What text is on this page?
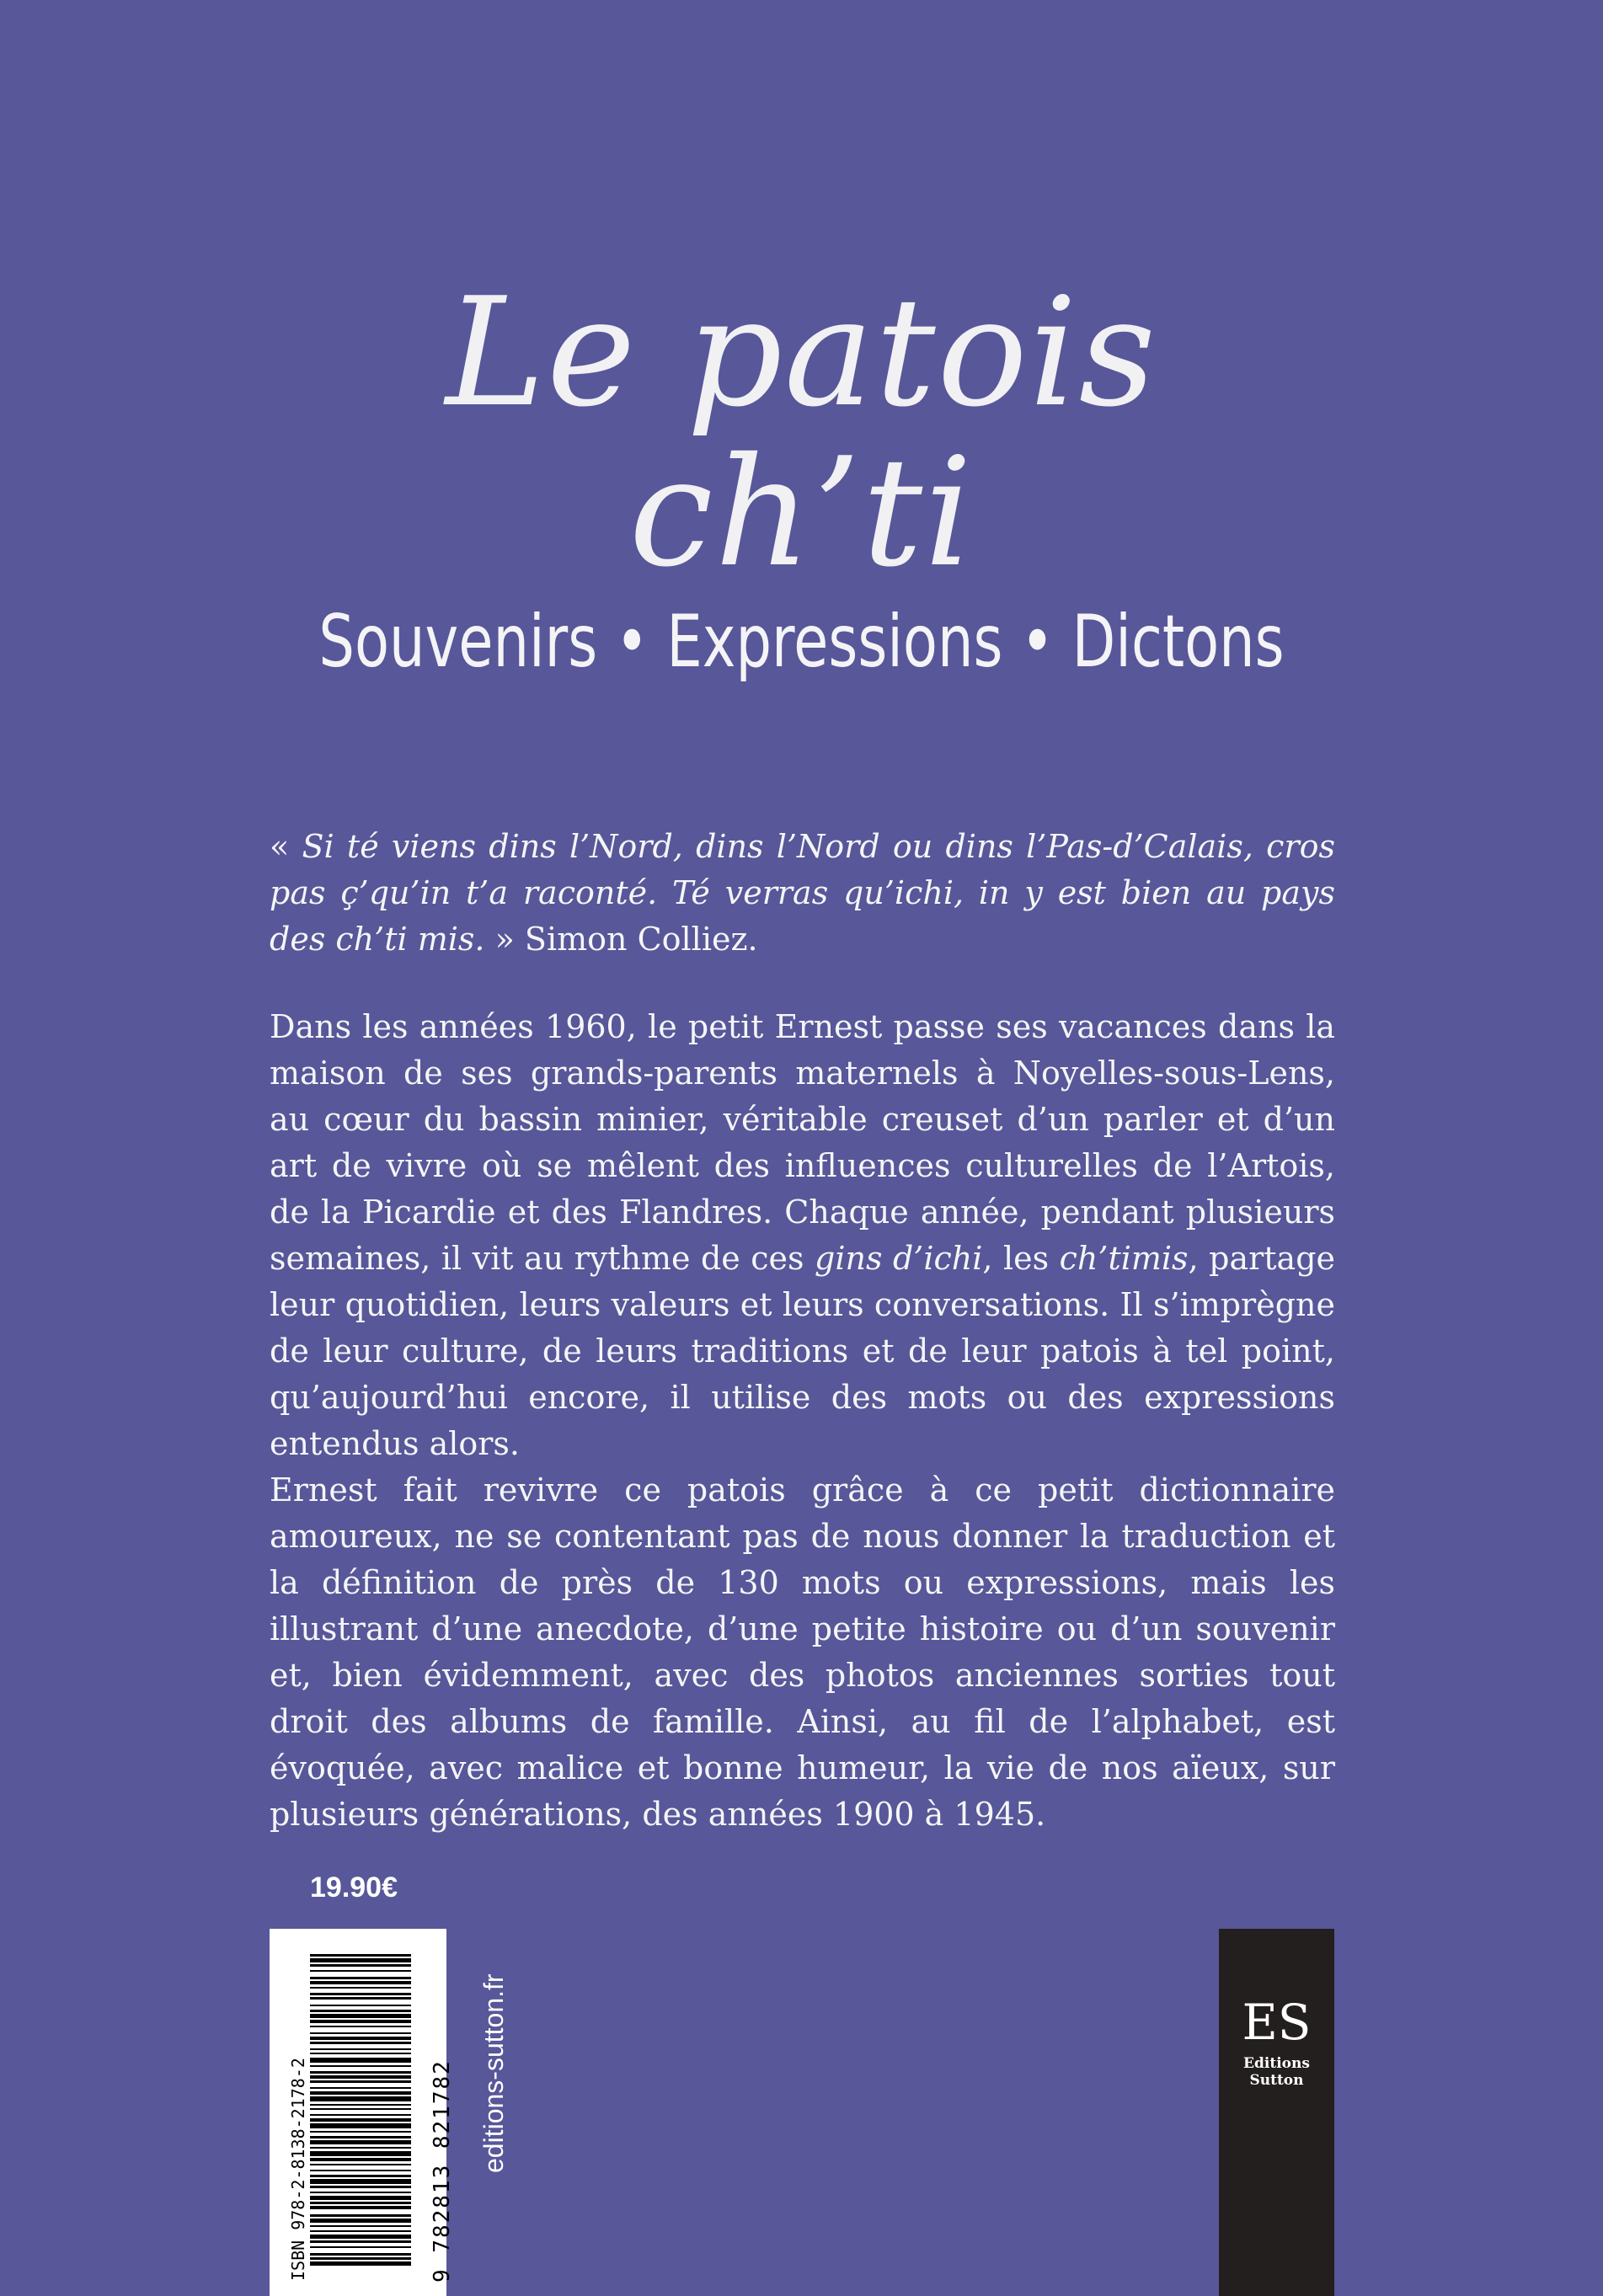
Le patois
ch’ti
Souvenirs • Expressions • Dictons
« Si té viens dins l’Nord, dins l’Nord ou dins l’Pas-d’Calais, cros pas ç’qu’in t’a raconté. Té verras qu’ichi, in y est bien au pays des ch’ti mis. » Simon Colliez.

Dans les années 1960, le petit Ernest passe ses vacances dans la maison de ses grands-parents maternels à Noyelles-sous-Lens, au cœur du bassin minier, véritable creuset d’un parler et d’un art de vivre où se mêlent des influences culturelles de l’Artois, de la Picardie et des Flandres. Chaque année, pendant plusieurs semaines, il vit au rythme de ces gins d’ichi, les ch’timis, partage leur quotidien, leurs valeurs et leurs conversations. Il s’imprègne de leur culture, de leurs traditions et de leur patois à tel point, qu’aujourd’hui encore, il utilise des mots ou des expressions entendus alors.

Ernest fait revivre ce patois grâce à ce petit dictionnaire amoureux, ne se contentant pas de nous donner la traduction et la définition de près de 130 mots ou expressions, mais les illustrant d’une anecdote, d’une petite histoire ou d’un souvenir et, bien évidemment, avec des photos anciennes sorties tout droit des albums de famille. Ainsi, au fil de l’alphabet, est évoquée, avec malice et bonne humeur, la vie de nos aïeux, sur plusieurs générations, des années 1900 à 1945.

19.90€
ISBN 978-2-8138-2178-2	9 782813 821782 editions-sutton.fr	ES
Editions
Sutton
